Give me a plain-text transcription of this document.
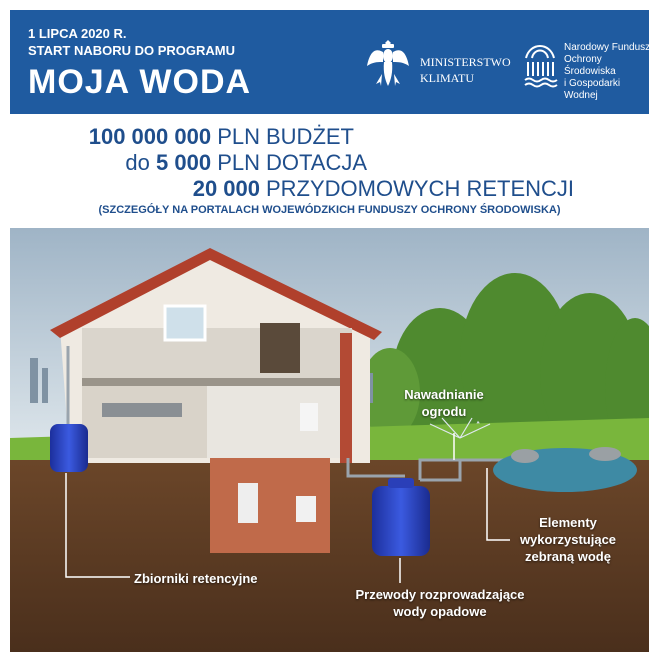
1 LIPCA 2020 R.
START NABORU DO PROGRAMU
MOJA WODA
MINISTERSTWO
KLIMATU
Narodowy Fundusz
Ochrony Środowiska
i Gospodarki Wodnej
100 000 000 PLN BUDŻET
do 5 000 PLN DOTACJA
20 000 PRZYDOMOWYCH RETENCJI
(SZCZEGÓŁY NA PORTALACH WOJEWÓDZKICH FUNDUSZY OCHRONY ŚRODOWISKA)
Nawadnianie
ogrodu
Elementy
wykorzystujące
zebraną wodę
Zbiorniki retencyjne
Przewody rozprowadzające
wody opadowe
